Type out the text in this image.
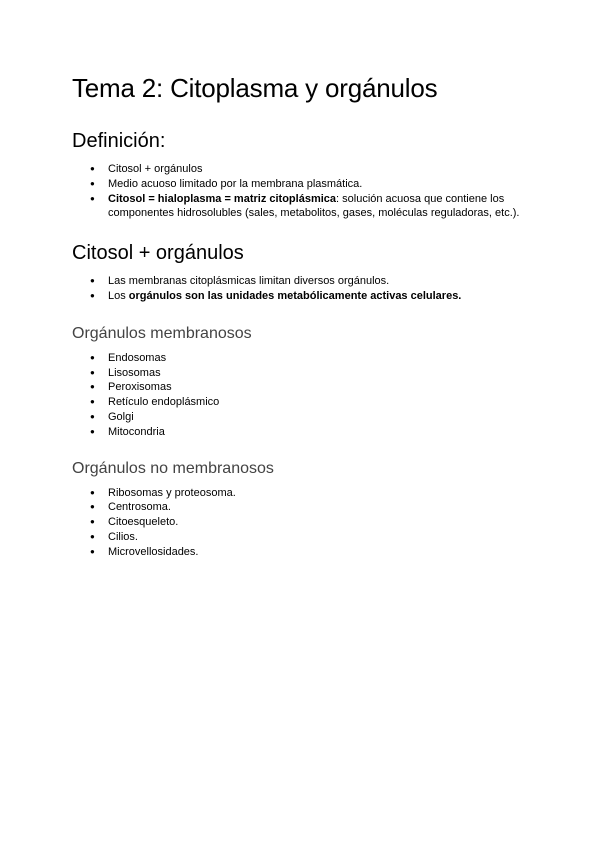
Tema 2: Citoplasma y orgánulos
Definición:
● Citosol + orgánulos
● Medio acuoso limitado por la membrana plasmática.
● Citosol = hialoplasma = matriz citoplásmica: solución acuosa que contiene los componentes hidrosolubles (sales, metabolitos, gases, moléculas reguladoras, etc.).
Citosol + orgánulos
● Las membranas citoplásmicas limitan diversos orgánulos.
● Los orgánulos son las unidades metabólicamente activas celulares.
Orgánulos membranosos
● Endosomas
● Lisosomas
● Peroxisomas
● Retículo endoplásmico
● Golgi
● Mitocondria
Orgánulos no membranosos
● Ribosomas y proteosoma.
● Centrosoma.
● Citoesqueleto.
● Cilios.
● Microvellosidades.
